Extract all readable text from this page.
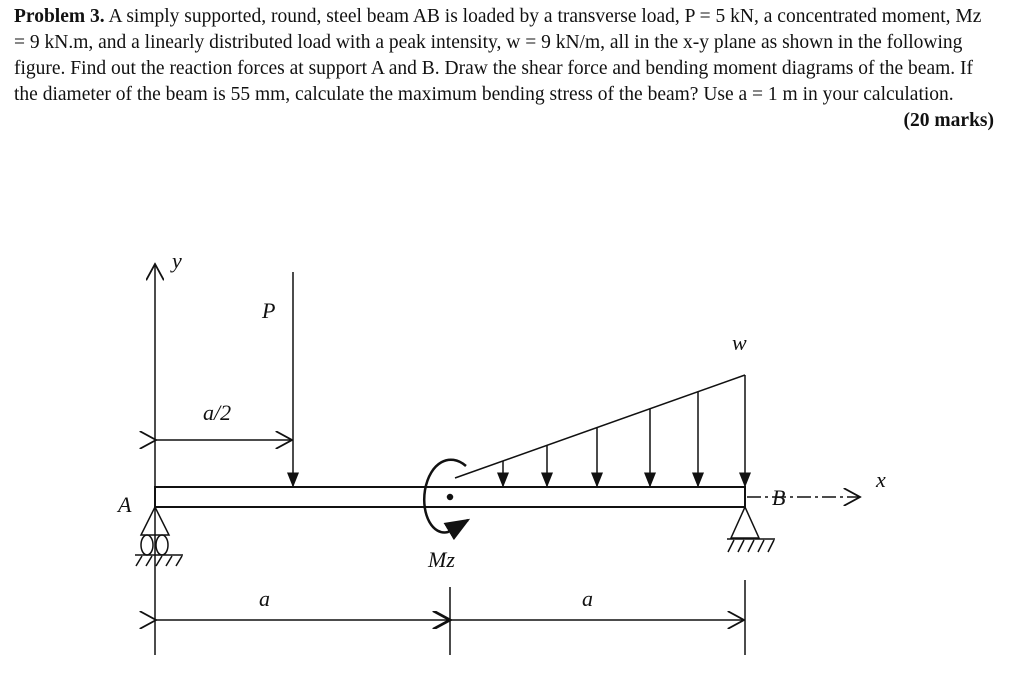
Problem 3. A simply supported, round, steel beam AB is loaded by a transverse load, P = 5 kN, a concentrated moment, Mz = 9 kN.m, and a linearly distributed load with a peak intensity, w = 9 kN/m, all in the x-y plane as shown in the following figure. Find out the reaction forces at support A and B. Draw the shear force and bending moment diagrams of the beam. If the diameter of the beam is 55 mm, calculate the maximum bending stress of the beam? Use a = 1 m in your calculation.

(20 marks)
y
x
P
w
a/2
A	B
Mz
a	a
